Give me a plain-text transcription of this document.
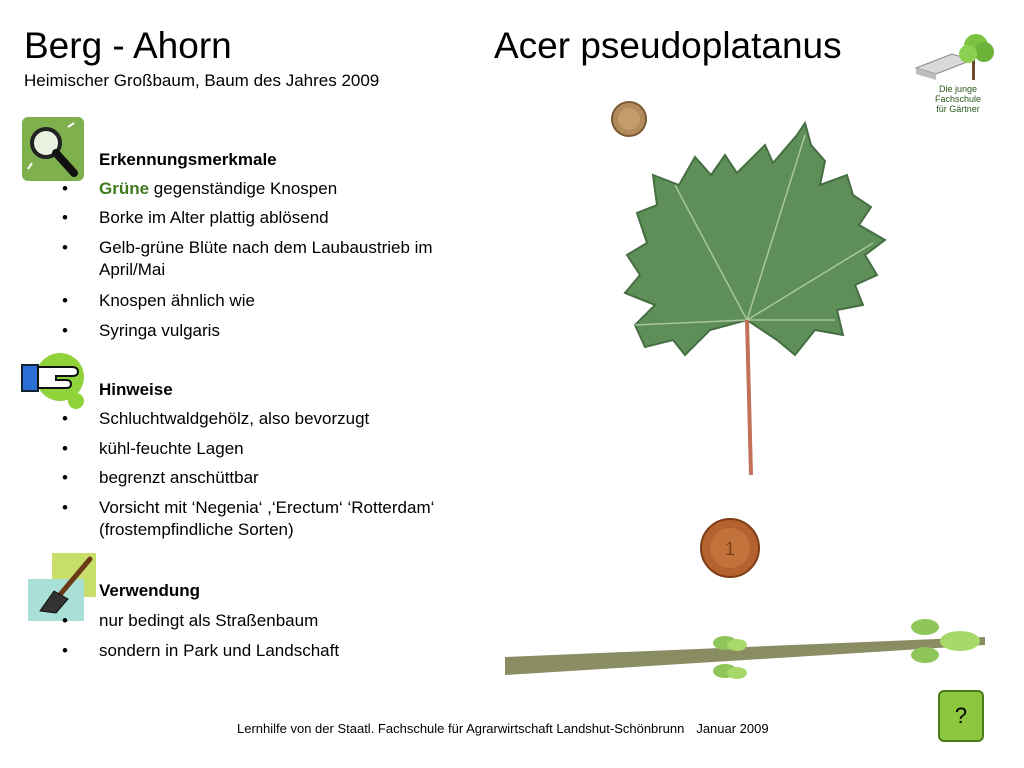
Berg - Ahorn
Heimischer Großbaum, Baum des Jahres 2009
Acer pseudoplatanus
Die junge Fachschule
für Gärtner
Erkennungsmerkmale
•	Grüne gegenständige Knospen
•	Borke im Alter plattig ablösend
•	Gelb-grüne Blüte nach dem Laubaustrieb im April/Mai
•	Knospen ähnlich wie
•	Syringa vulgaris
Hinweise
•	Schluchtwaldgehölz, also bevorzugt
•	kühl-feuchte Lagen
•	begrenzt anschüttbar
•	Vorsicht mit ‘Negenia‘ ,‘Erectum‘ ‘Rotterdam‘ (frostempfindliche Sorten)
Verwendung
•	nur bedingt als Straßenbaum
•	sondern in Park und Landschaft
1
Lernhilfe von der Staatl. Fachschule für Agrarwirtschaft Landshut-Schönbrunn Januar 2009
?
